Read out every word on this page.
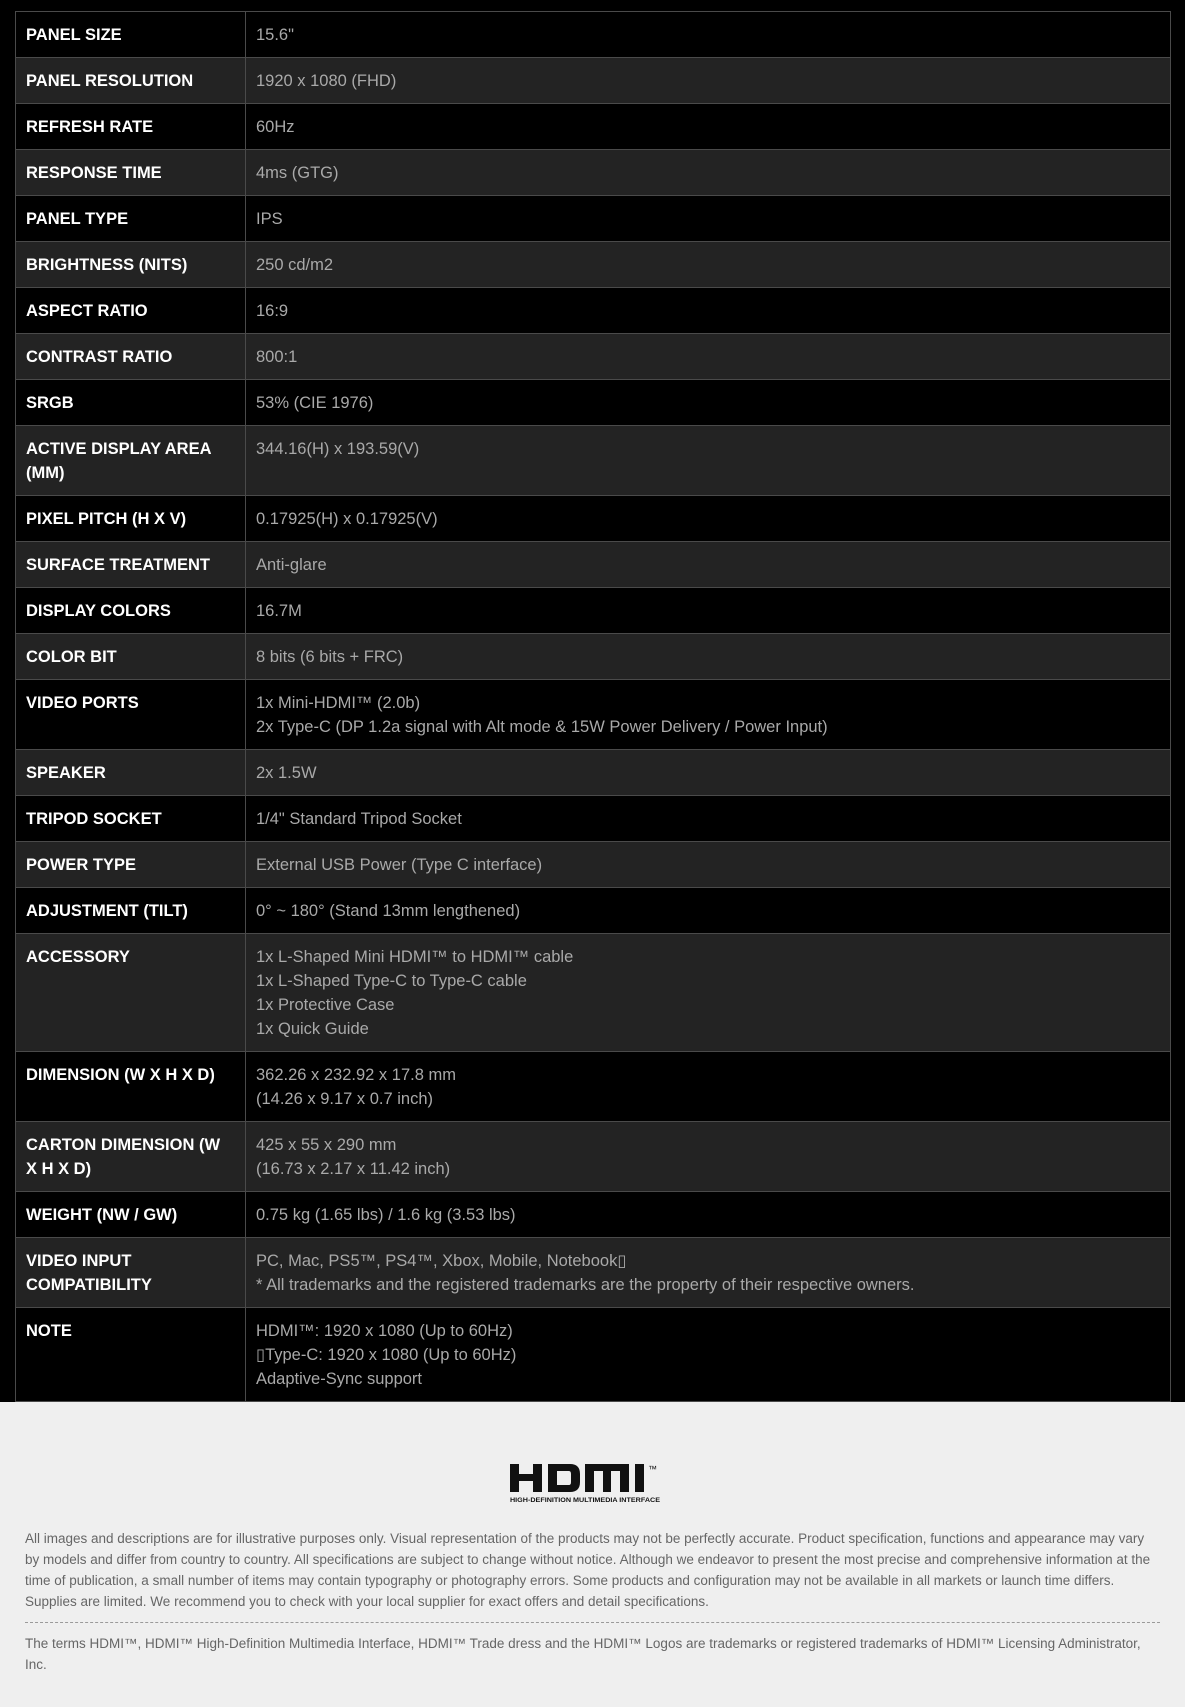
PANEL SIZE	15.6"

PANEL RESOLUTION	1920 x 1080 (FHD)

REFRESH RATE	60Hz

RESPONSE TIME	4ms (GTG)

PANEL TYPE	IPS

BRIGHTNESS (NITS)	250 cd/m2

ASPECT RATIO	16:9

CONTRAST RATIO	800:1

SRGB	53% (CIE 1976)

ACTIVE DISPLAY AREA (MM)	344.16(H) x 193.59(V)

PIXEL PITCH (H X V)	0.17925(H) x 0.17925(V)

SURFACE TREATMENT	Anti-glare

DISPLAY COLORS	16.7M

COLOR BIT	8 bits (6 bits + FRC)

VIDEO PORTS	1x Mini-HDMI™ (2.0b)
2x Type-C (DP 1.2a signal with Alt mode & 15W Power Delivery / Power Input)

SPEAKER	2x 1.5W

TRIPOD SOCKET	1/4" Standard Tripod Socket

POWER TYPE	External USB Power (Type C interface)

ADJUSTMENT (TILT)	0° ~ 180° (Stand 13mm lengthened)

ACCESSORY	1x L-Shaped Mini HDMI™ to HDMI™ cable
1x L-Shaped Type-C to Type-C cable
1x Protective Case
1x Quick Guide

DIMENSION (W X H X D)	362.26 x 232.92 x 17.8 mm
(14.26 x 9.17 x 0.7 inch)

CARTON DIMENSION (W X H X D)	425 x 55 x 290 mm
(16.73 x 2.17 x 11.42 inch)

WEIGHT (NW / GW)	0.75 kg (1.65 lbs) / 1.6 kg (3.53 lbs)

VIDEO INPUT COMPATIBILITY	PC, Mac, PS5™, PS4™, Xbox, Mobile, Notebook▯
* All trademarks and the registered trademarks are the property of their respective owners.

NOTE	HDMI™: 1920 x 1080 (Up to 60Hz)
▯Type-C: 1920 x 1080 (Up to 60Hz)
Adaptive-Sync support
™
HIGH-DEFINITION MULTIMEDIA INTERFACE

All images and descriptions are for illustrative purposes only. Visual representation of the products may not be perfectly accurate. Product specification, functions and appearance may vary by models and differ from country to country. All specifications are subject to change without notice. Although we endeavor to present the most precise and comprehensive information at the time of publication, a small number of items may contain typography or photography errors. Some products and configuration may not be available in all markets or launch time differs. Supplies are limited. We recommend you to check with your local supplier for exact offers and detail specifications.

The terms HDMI™, HDMI™ High-Definition Multimedia Interface, HDMI™ Trade dress and the HDMI™ Logos are trademarks or registered trademarks of HDMI™ Licensing Administrator, Inc.
